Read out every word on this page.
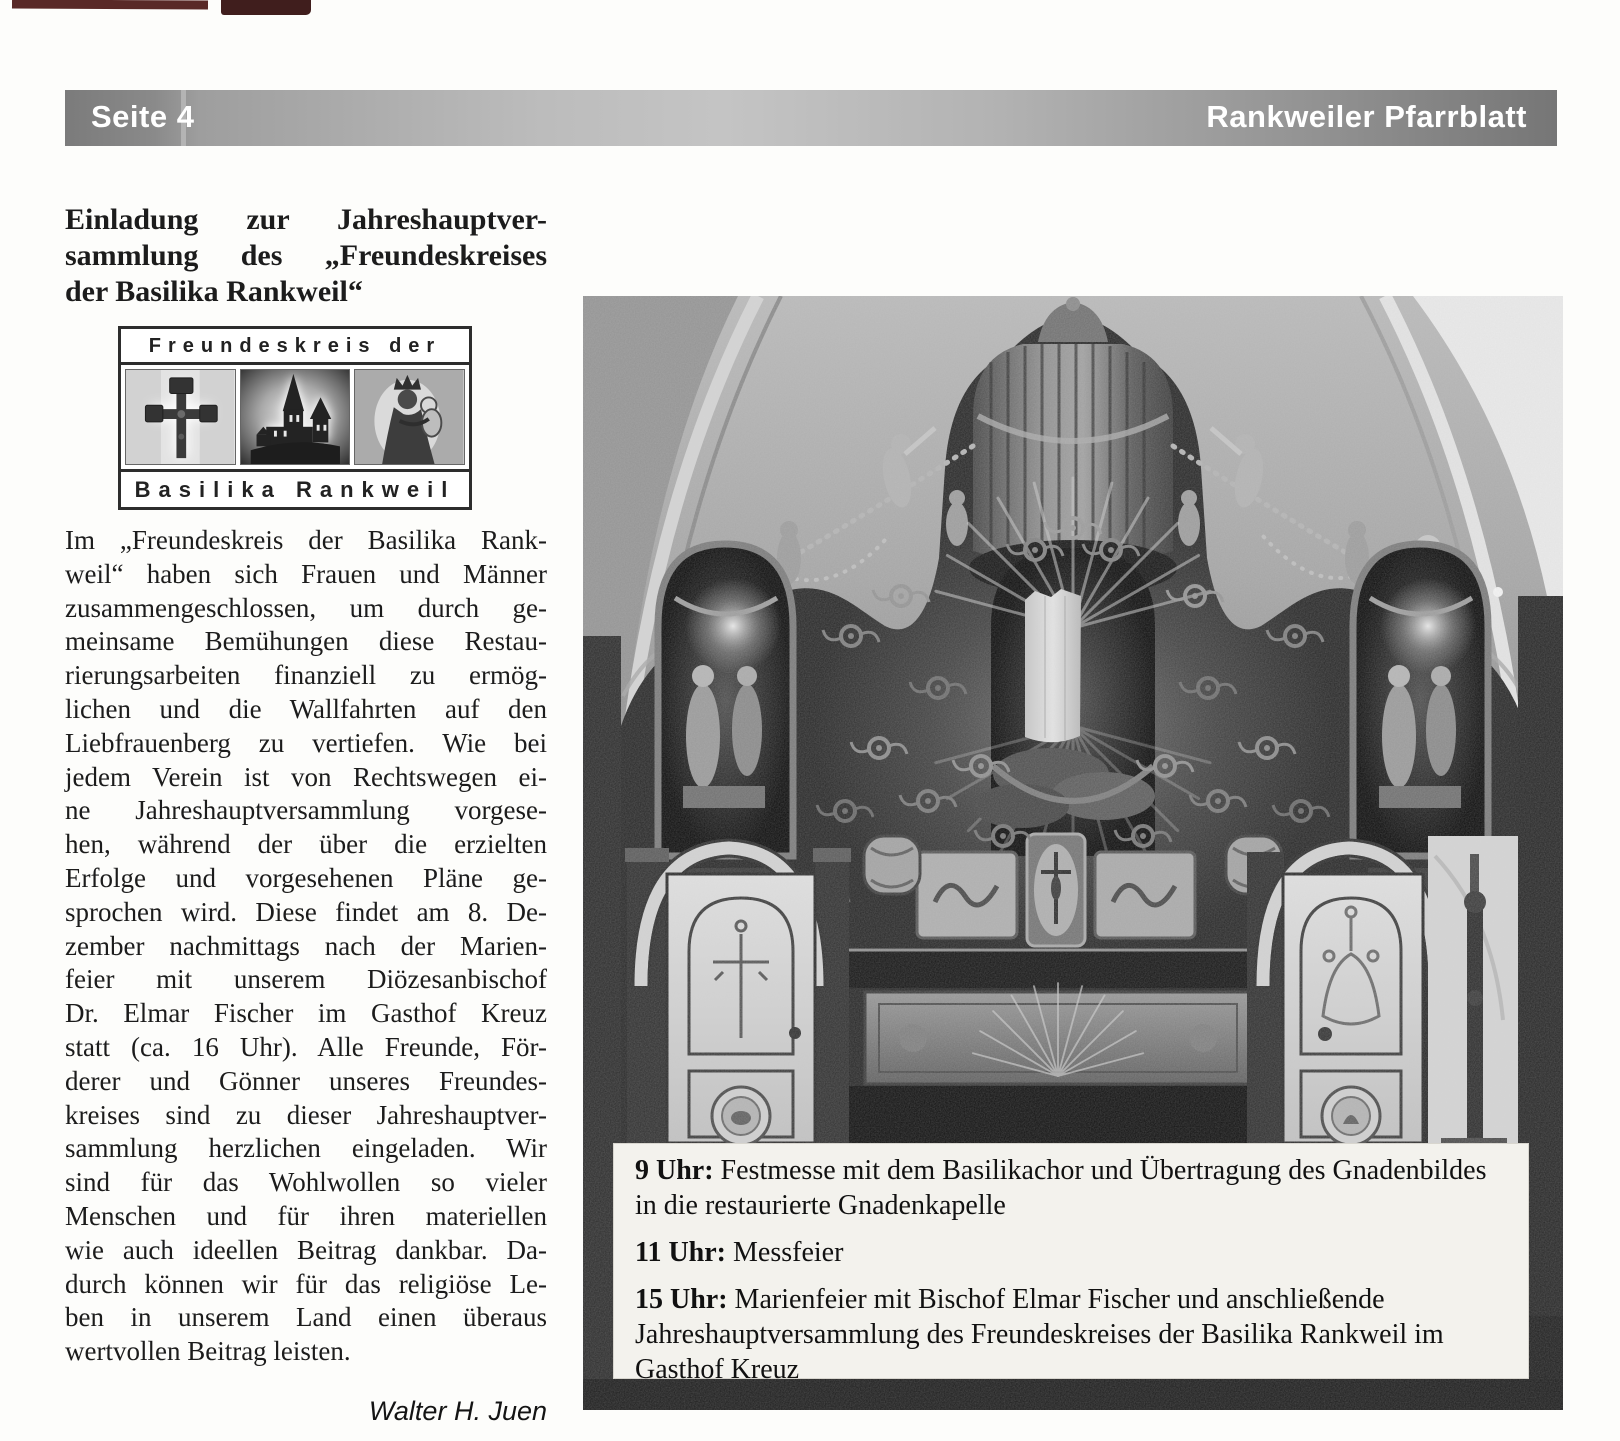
Seite 4	Rankweiler Pfarrblatt
Einladung zur Jahreshauptver-
sammlung des „Freundeskreises
der Basilika Rankweil“
Freundeskreis der
Basilika Rankweil
Im „Freundeskreis der Basilika Rank-
weil“ haben sich Frauen und Männer
zusammengeschlossen, um durch ge-
meinsame Bemühungen diese Restau-
rierungsarbeiten finanziell zu ermög-
lichen und die Wallfahrten auf den
Liebfrauenberg zu vertiefen. Wie bei
jedem Verein ist von Rechtswegen ei-
ne Jahreshauptversammlung vorgese-
hen, während der über die erzielten
Erfolge und vorgesehenen Pläne ge-
sprochen wird. Diese findet am 8. De-
zember nachmittags nach der Marien-
feier mit unserem Diözesanbischof
Dr. Elmar Fischer im Gasthof Kreuz
statt (ca. 16 Uhr). Alle Freunde, För-
derer und Gönner unseres Freundes-
kreises sind zu dieser Jahreshauptver-
sammlung herzlichen eingeladen. Wir
sind für das Wohlwollen so vieler
Menschen und für ihren materiellen
wie auch ideellen Beitrag dankbar. Da-
durch können wir für das religiöse Le-
ben in unserem Land einen überaus
wertvollen Beitrag leisten.
Walter H. Juen

9 Uhr: Festmesse mit dem Basilikachor und Übertragung des Gnadenbildes in die restaurierte Gnadenkapelle

11 Uhr: Messfeier

15 Uhr: Marienfeier mit Bischof Elmar Fischer und anschließende Jahreshauptversammlung des Freundeskreises der Basilika Rankweil im Gasthof Kreuz
